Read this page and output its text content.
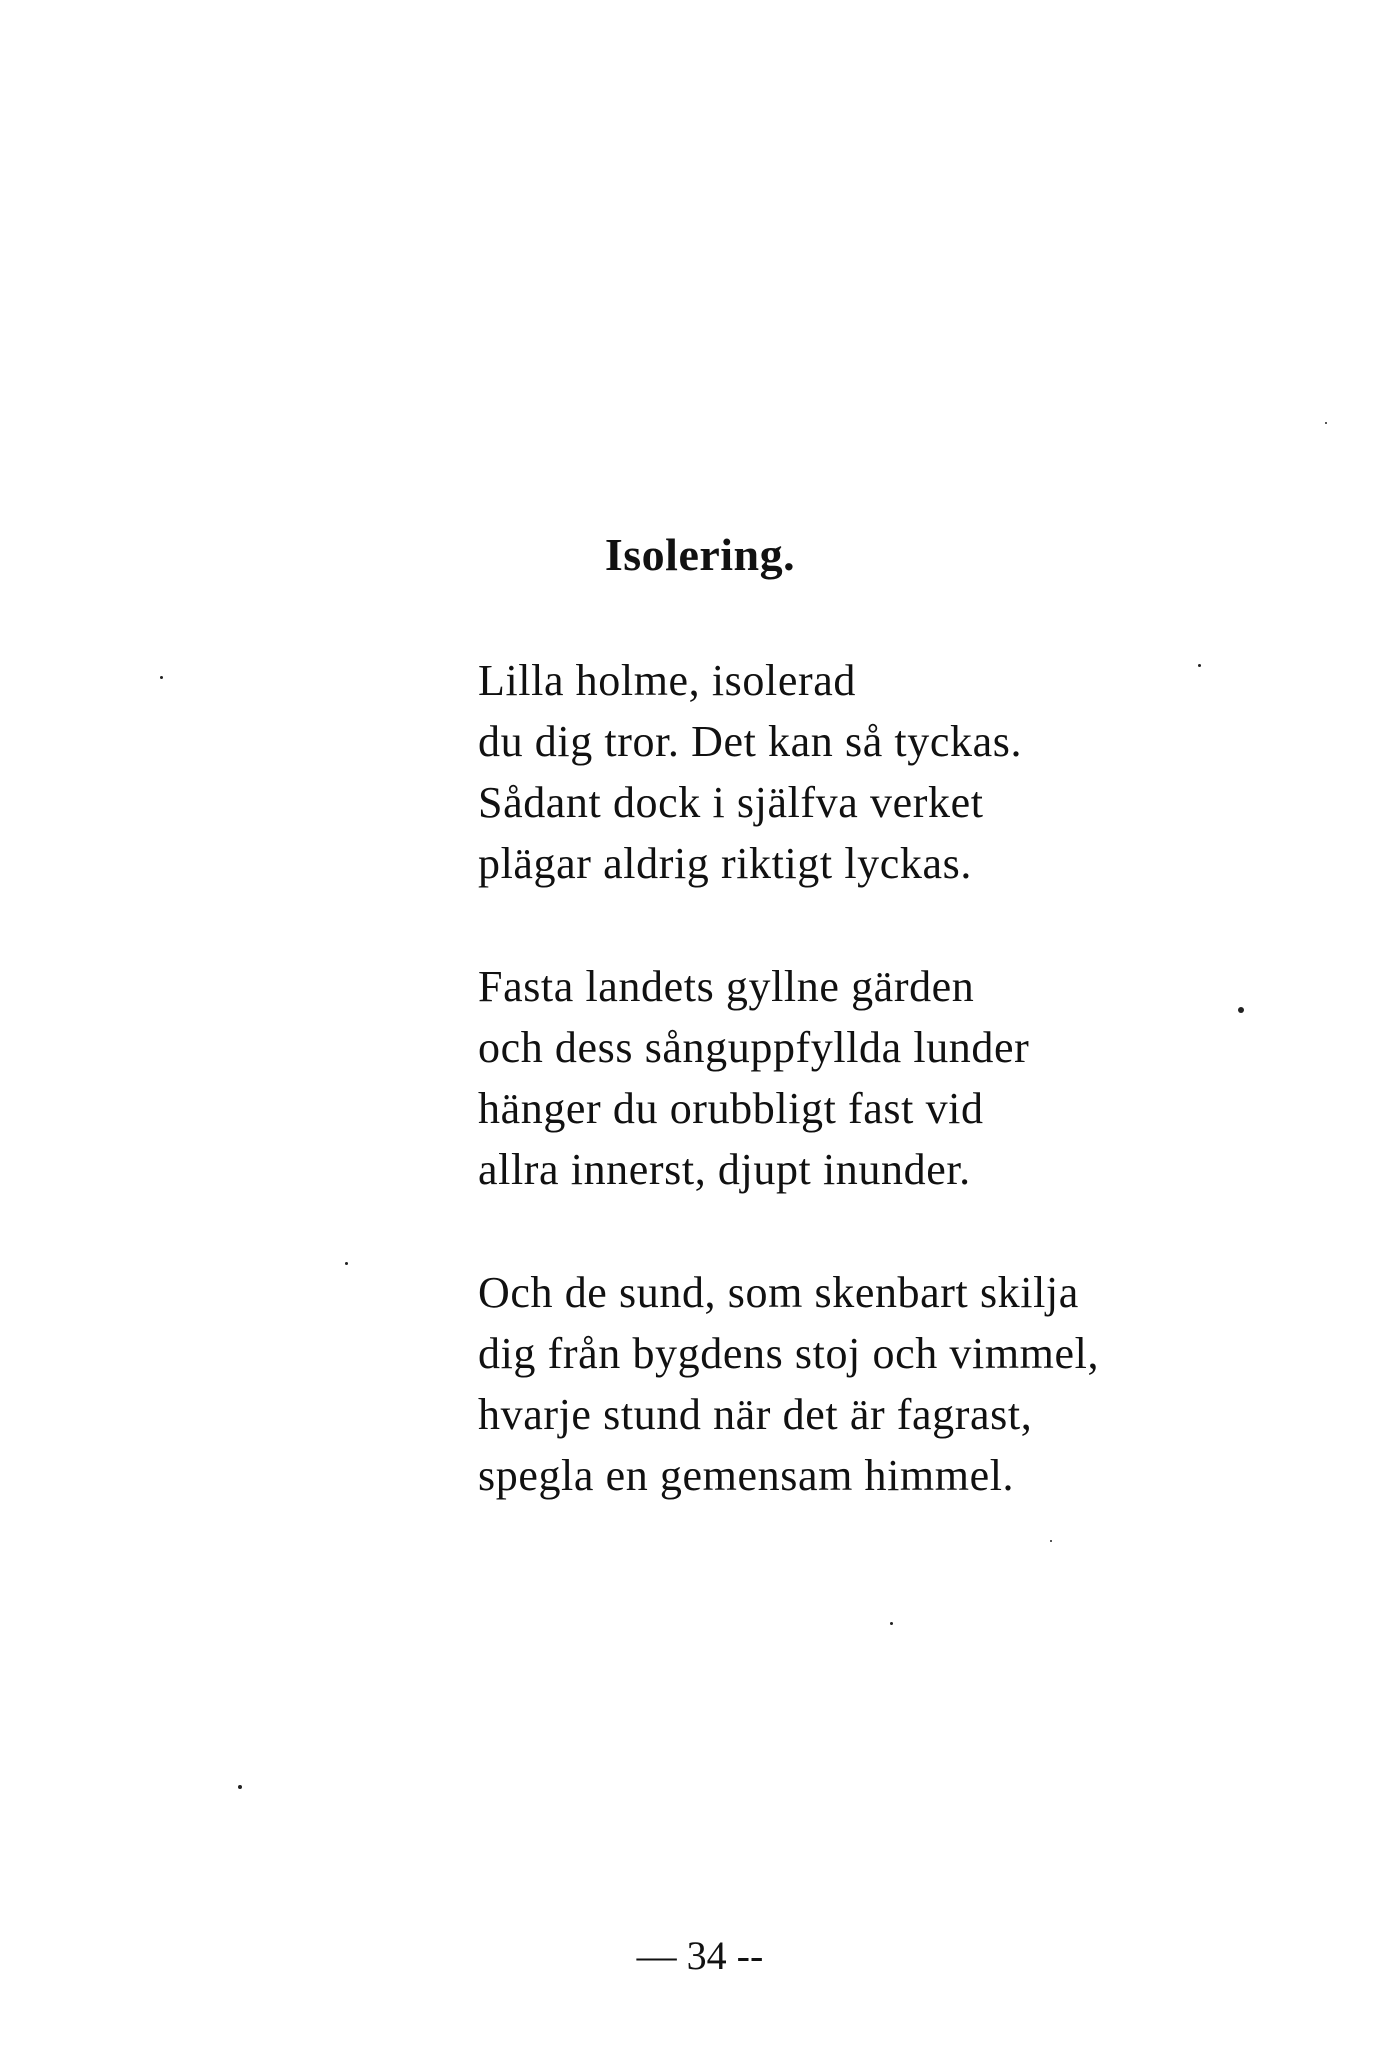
Isolering.
Lilla holme, isolerad
du dig tror. Det kan så tyckas.
Sådant dock i själfva verket
plägar aldrig riktigt lyckas.
Fasta landets gyllne gärden
och dess sånguppfyllda lunder
hänger du orubbligt fast vid
allra innerst, djupt inunder.
Och de sund, som skenbart skilja
dig från bygdens stoj och vimmel,
hvarje stund när det är fagrast,
spegla en gemensam himmel.
— 34 --
